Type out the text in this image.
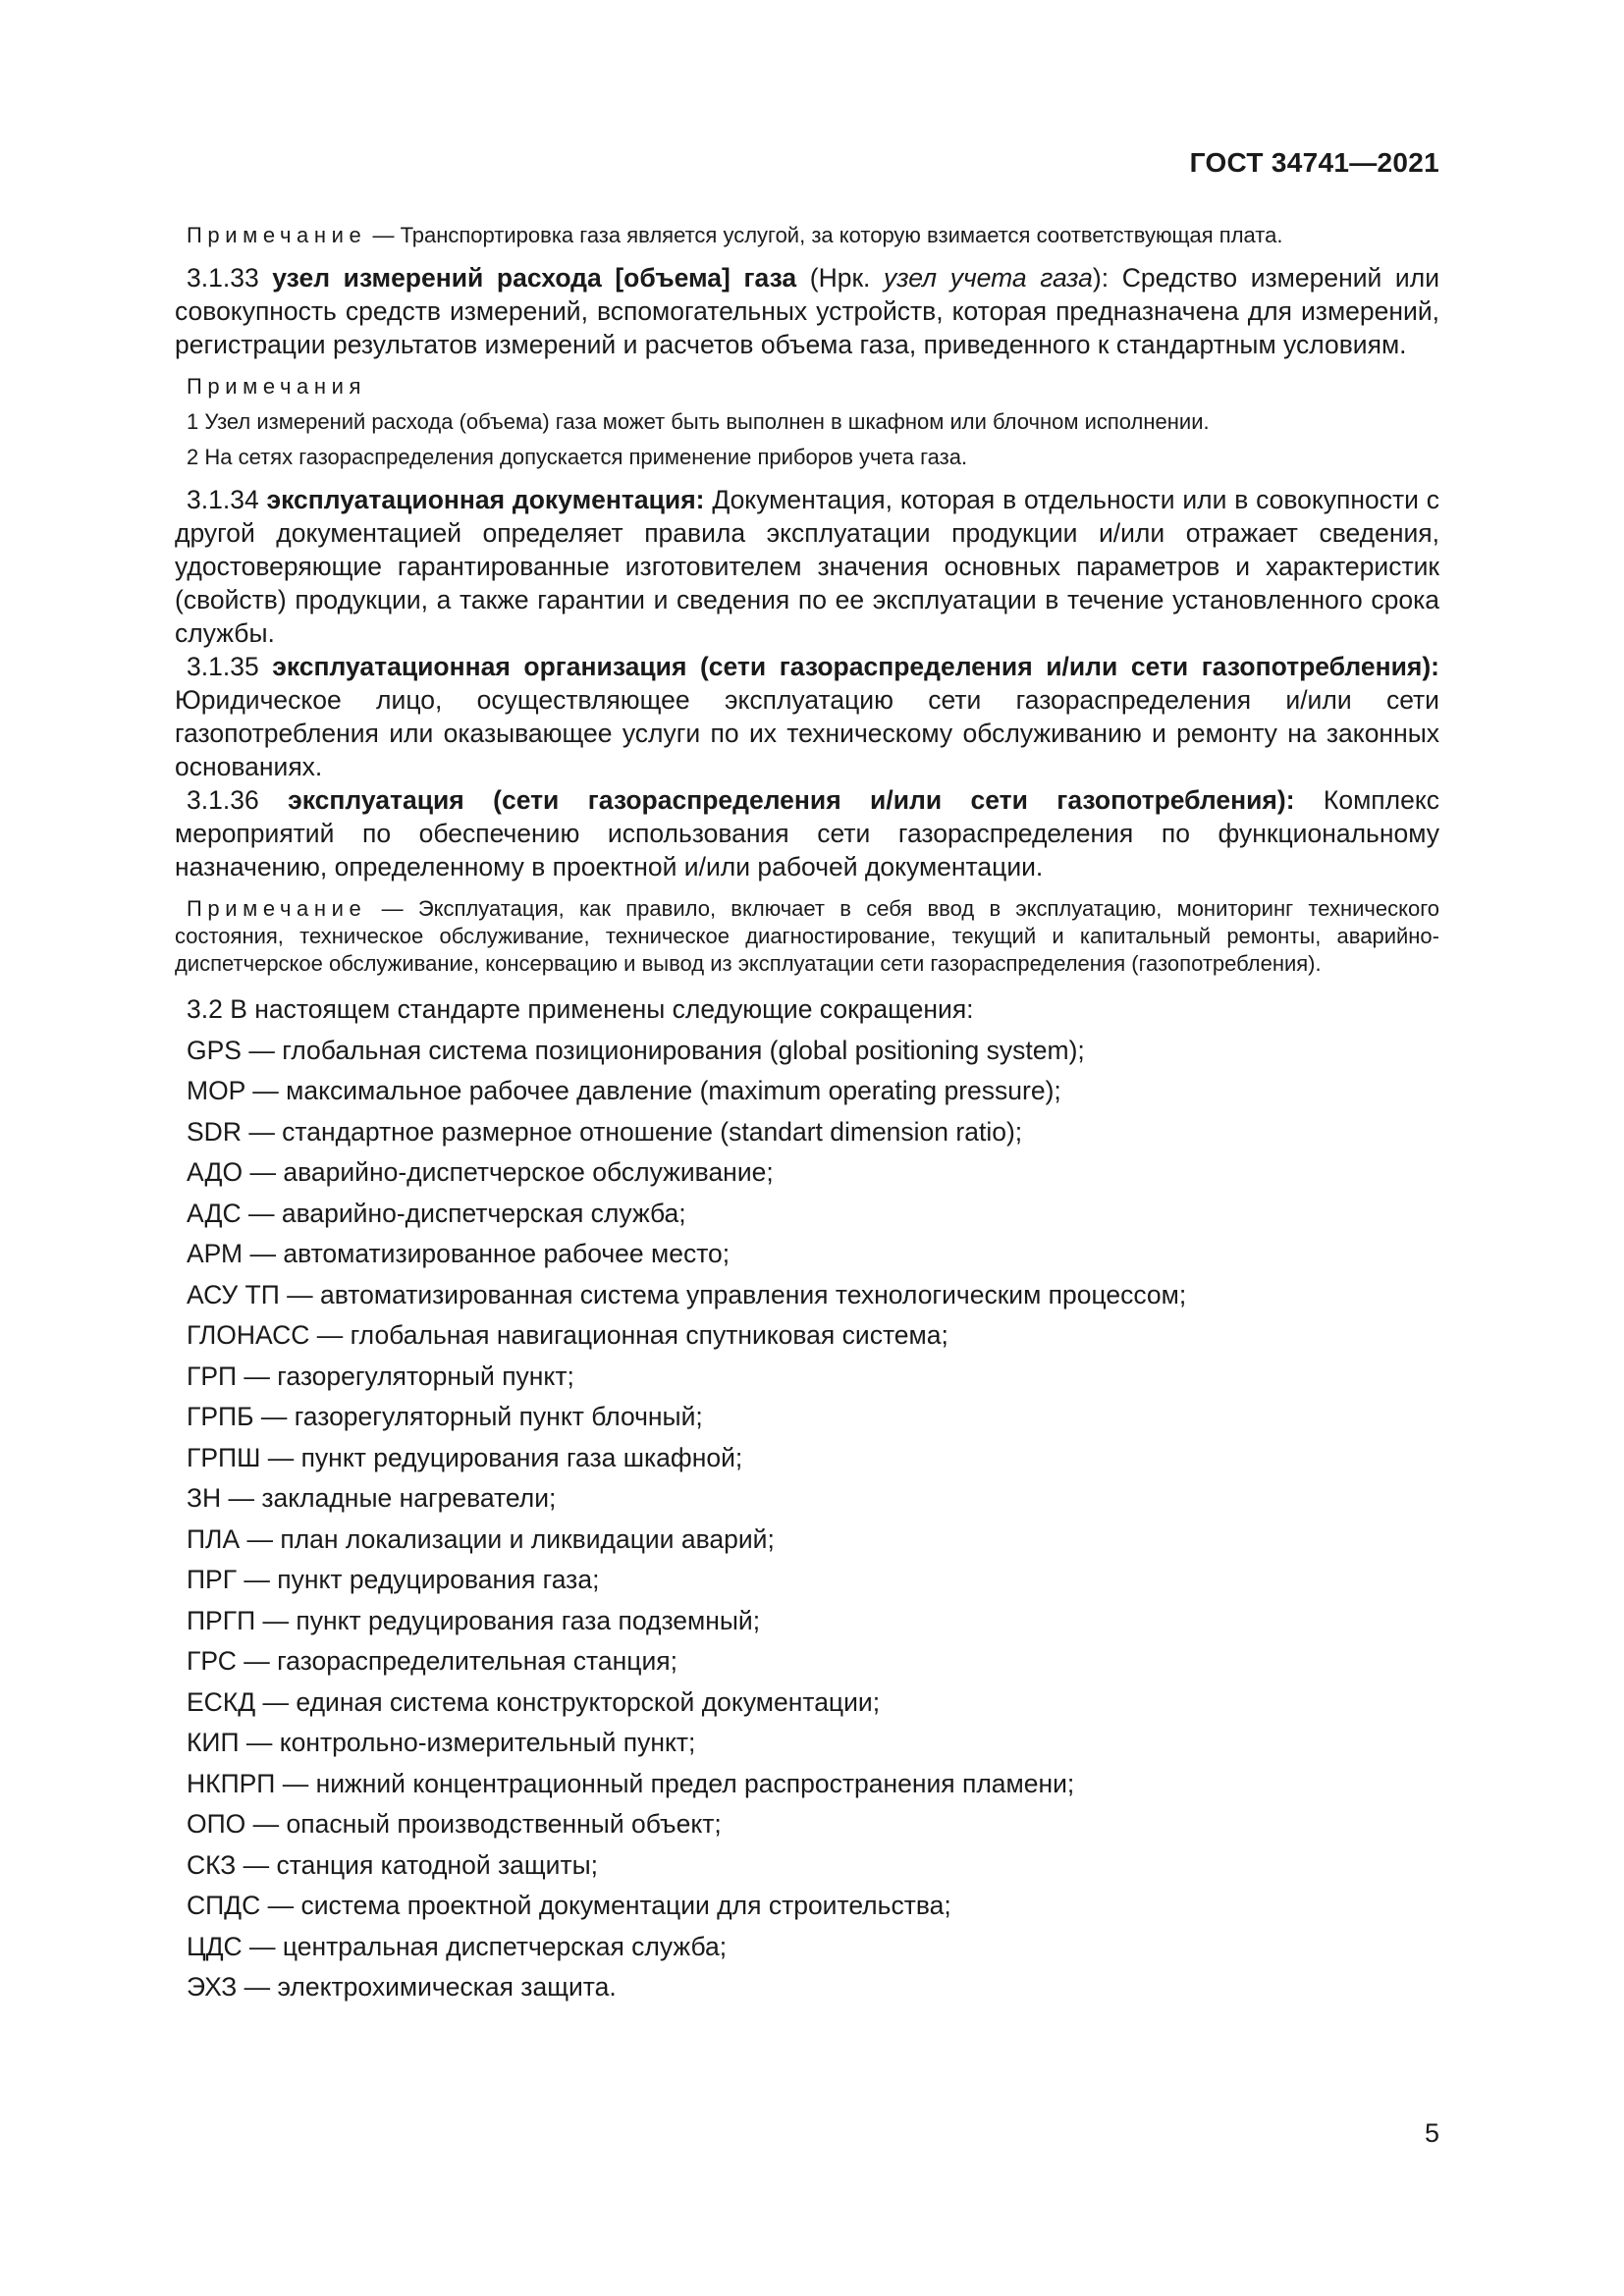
ГОСТ 34741—2021

Примечание — Транспортировка газа является услугой, за которую взимается соответствующая плата.

3.1.33 узел измерений расхода [объема] газа (Нрк. узел учета газа): Средство измерений или совокупность средств измерений, вспомогательных устройств, которая предназначена для измерений, регистрации результатов измерений и расчетов объема газа, приведенного к стандартным условиям.

Примечания

1 Узел измерений расхода (объема) газа может быть выполнен в шкафном или блочном исполнении.

2 На сетях газораспределения допускается применение приборов учета газа.

3.1.34 эксплуатационная документация: Документация, которая в отдельности или в совокупности с другой документацией определяет правила эксплуатации продукции и/или отражает сведения, удостоверяющие гарантированные изготовителем значения основных параметров и характеристик (свойств) продукции, а также гарантии и сведения по ее эксплуатации в течение установленного срока службы.

3.1.35 эксплуатационная организация (сети газораспределения и/или сети газопотребления): Юридическое лицо, осуществляющее эксплуатацию сети газораспределения и/или сети газопотребления или оказывающее услуги по их техническому обслуживанию и ремонту на законных основаниях.

3.1.36 эксплуатация (сети газораспределения и/или сети газопотребления): Комплекс мероприятий по обеспечению использования сети газораспределения по функциональному назначению, определенному в проектной и/или рабочей документации.

Примечание — Эксплуатация, как правило, включает в себя ввод в эксплуатацию, мониторинг технического состояния, техническое обслуживание, техническое диагностирование, текущий и капитальный ремонты, аварийно-диспетчерское обслуживание, консервацию и вывод из эксплуатации сети газораспределения (газопотребления).

3.2 В настоящем стандарте применены следующие сокращения:

GPS — глобальная система позиционирования (global positioning system);

MOP — максимальное рабочее давление (maximum operating pressure);

SDR — стандартное размерное отношение (standart dimension ratio);

АДО — аварийно-диспетчерское обслуживание;

АДС — аварийно-диспетчерская служба;

АРМ — автоматизированное рабочее место;

АСУ ТП — автоматизированная система управления технологическим процессом;

ГЛОНАСС — глобальная навигационная спутниковая система;

ГРП — газорегуляторный пункт;

ГРПБ — газорегуляторный пункт блочный;

ГРПШ — пункт редуцирования газа шкафной;

ЗН — закладные нагреватели;

ПЛА — план локализации и ликвидации аварий;

ПРГ — пункт редуцирования газа;

ПРГП — пункт редуцирования газа подземный;

ГРС — газораспределительная станция;

ЕСКД — единая система конструкторской документации;

КИП — контрольно-измерительный пункт;

НКПРП — нижний концентрационный предел распространения пламени;

ОПО — опасный производственный объект;

СКЗ — станция катодной защиты;

СПДС — система проектной документации для строительства;

ЦДС — центральная диспетчерская служба;

ЭХЗ — электрохимическая защита.

5
